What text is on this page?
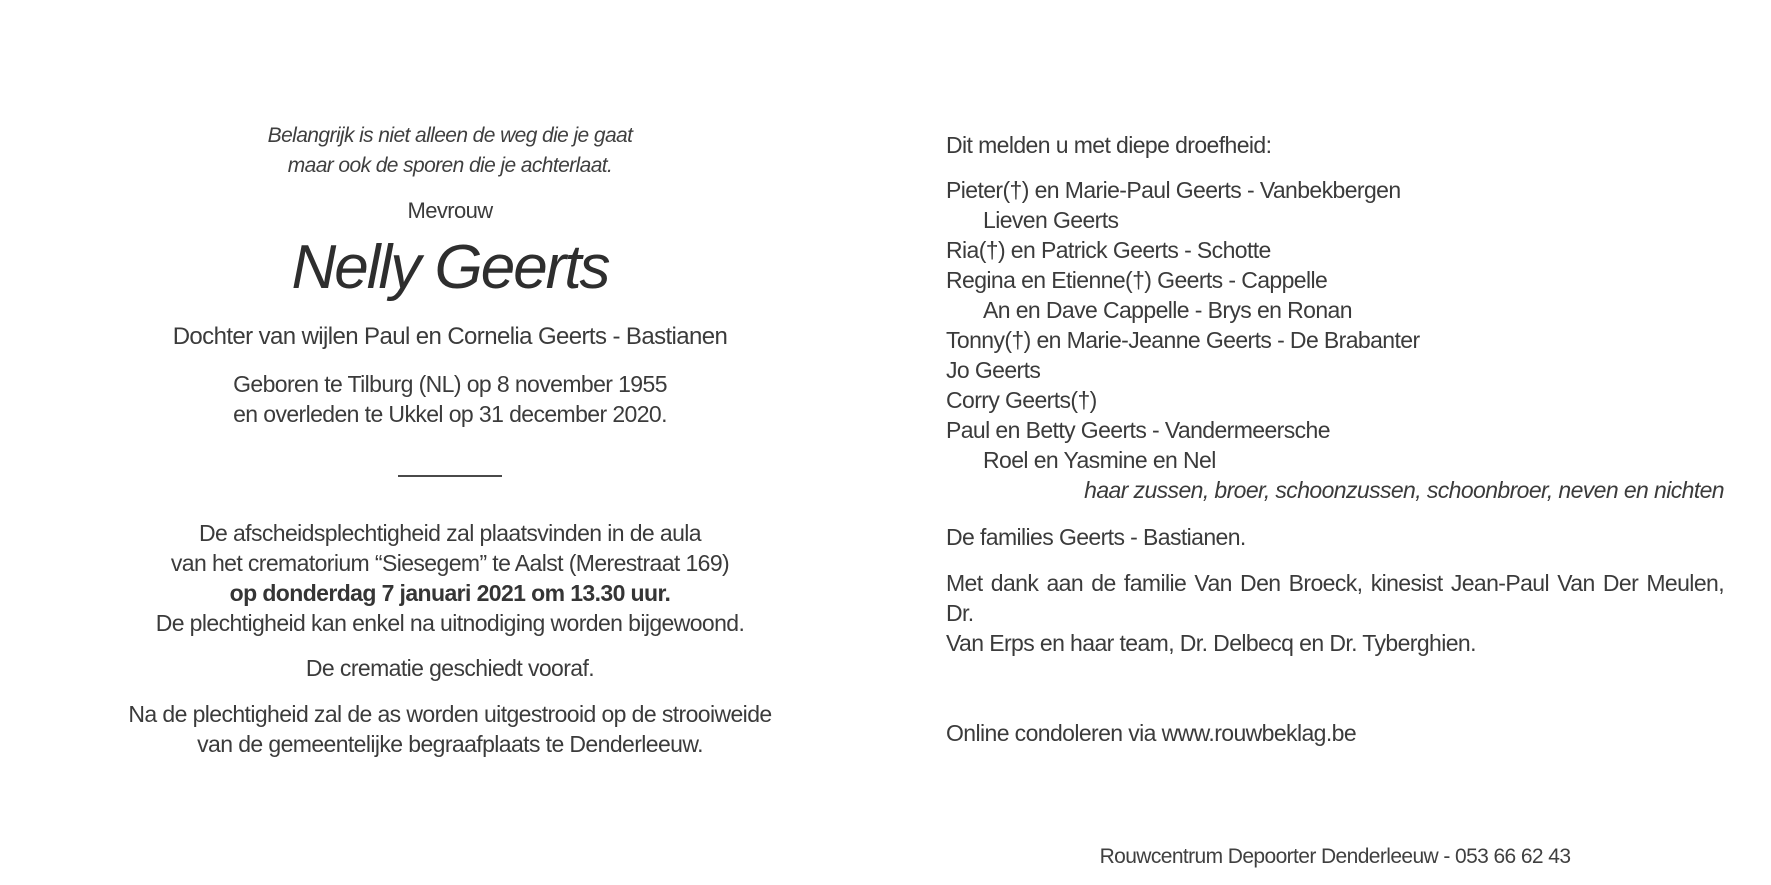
Belangrijk is niet alleen de weg die je gaat
maar ook de sporen die je achterlaat.
Mevrouw
Nelly Geerts
Dochter van wijlen Paul en Cornelia Geerts - Bastianen
Geboren te Tilburg (NL) op 8 november 1955
en overleden te Ukkel op 31 december 2020.
De afscheidsplechtigheid zal plaatsvinden in de aula
van het crematorium “Siesegem” te Aalst (Merestraat 169)
op donderdag 7 januari 2021 om 13.30 uur.
De plechtigheid kan enkel na uitnodiging worden bijgewoond.
De crematie geschiedt vooraf.
Na de plechtigheid zal de as worden uitgestrooid op de strooiweide
van de gemeentelijke begraafplaats te Denderleeuw.
Dit melden u met diepe droefheid:
Pieter(†) en Marie-Paul Geerts - Vanbekbergen
Lieven Geerts
Ria(†) en Patrick Geerts - Schotte
Regina en Etienne(†) Geerts - Cappelle
An en Dave Cappelle - Brys en Ronan
Tonny(†) en Marie-Jeanne Geerts - De Brabanter
Jo Geerts
Corry Geerts(†)
Paul en Betty Geerts - Vandermeersche
Roel en Yasmine en Nel
haar zussen, broer, schoonzussen, schoonbroer, neven en nichten
De families Geerts - Bastianen.
Met dank aan de familie Van Den Broeck, kinesist Jean-Paul Van Der Meulen, Dr.
Van Erps en haar team, Dr. Delbecq en Dr. Tyberghien.
Online condoleren via www.rouwbeklag.be
Rouwcentrum Depoorter Denderleeuw - 053 66 62 43
